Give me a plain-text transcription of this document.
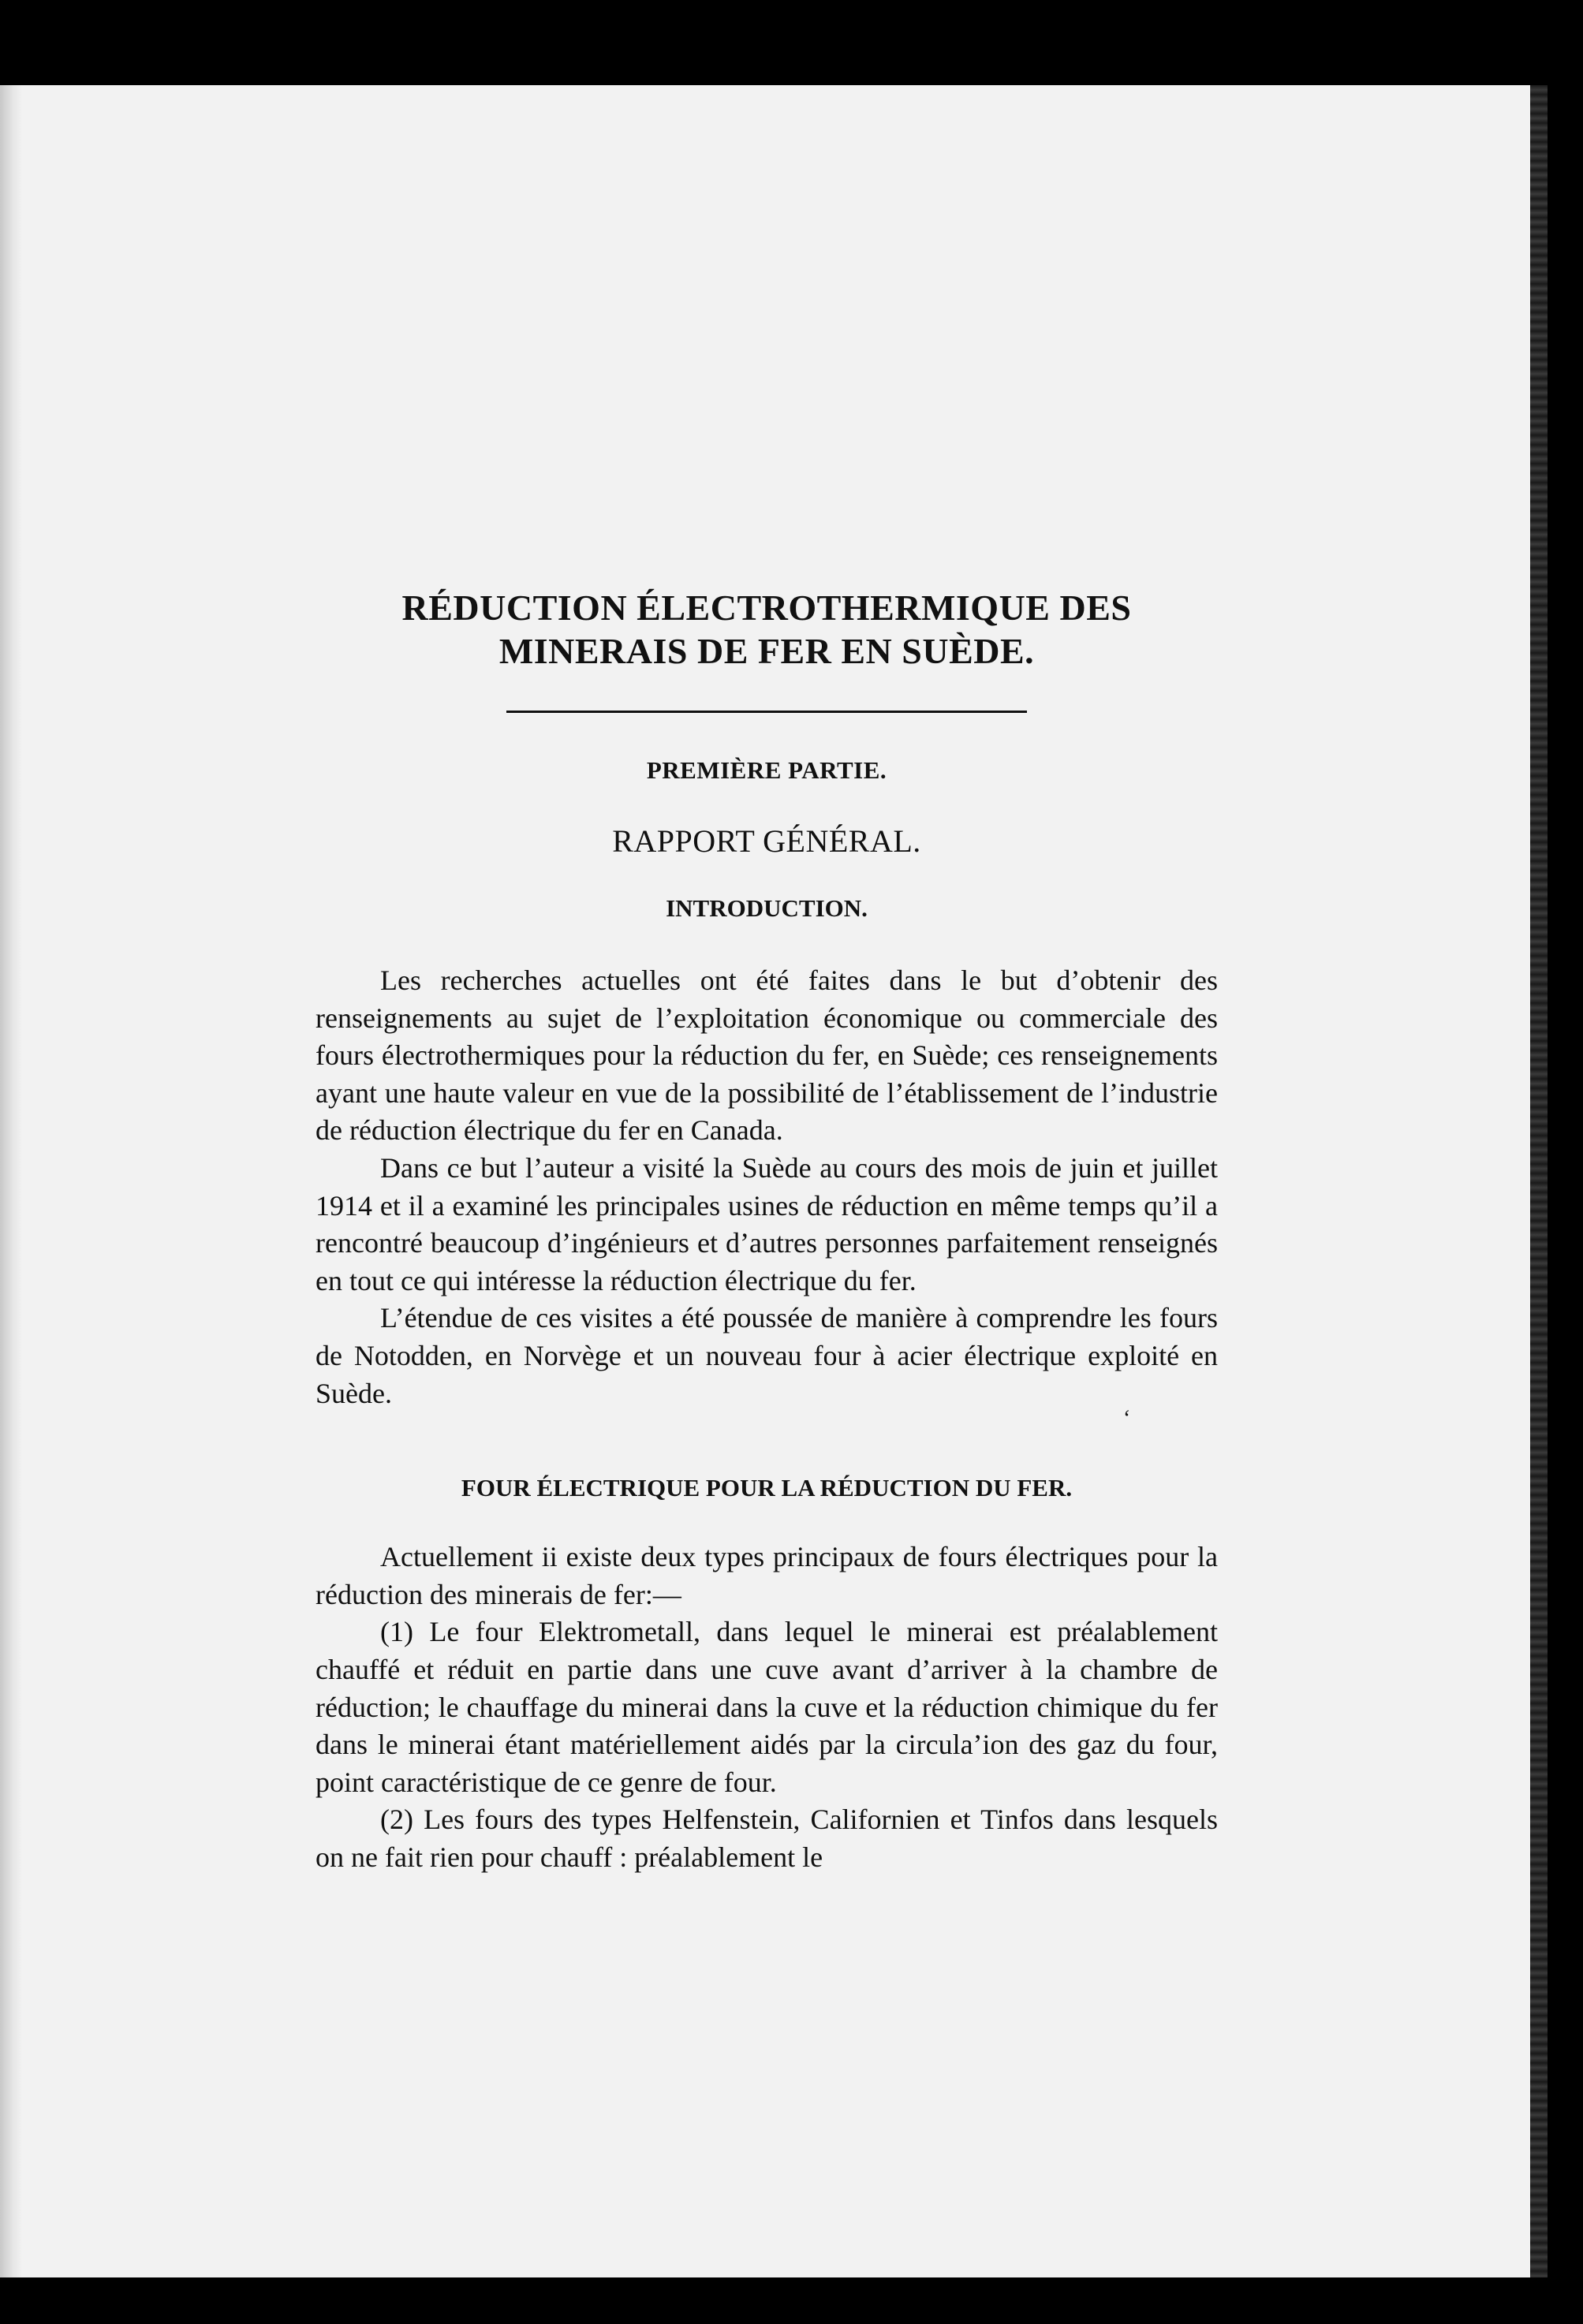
RÉDUCTION ÉLECTROTHERMIQUE DES
MINERAIS DE FER EN SUÈDE.
PREMIÈRE PARTIE.
RAPPORT GÉNÉRAL.
INTRODUCTION.

Les recherches actuelles ont été faites dans le but d’obtenir des renseignements au sujet de l’exploitation économique ou commerciale des fours électrothermiques pour la réduction du fer, en Suède; ces renseignements ayant une haute valeur en vue de la possibilité de l’établissement de l’industrie de réduction électrique du fer en Canada.

Dans ce but l’auteur a visité la Suède au cours des mois de juin et juillet 1914 et il a examiné les principales usines de réduction en même temps qu’il a rencontré beaucoup d’ingénieurs et d’autres personnes parfaitement renseignés en tout ce qui intéresse la réduction électrique du fer.

L’étendue de ces visites a été poussée de manière à comprendre les fours de Notodden, en Norvège et un nouveau four à acier électrique exploité en Suède.

FOUR ÉLECTRIQUE POUR LA RÉDUCTION DU FER.

Actuellement ii existe deux types principaux de fours électriques pour la réduction des minerais de fer:—

(1) Le four Elektrometall, dans lequel le minerai est préalablement chauffé et réduit en partie dans une cuve avant d’arriver à la chambre de réduction; le chauffage du minerai dans la cuve et la réduction chimique du fer dans le minerai étant matériellement aidés par la circula’ion des gaz du four, point caractéristique de ce genre de four.

(2) Les fours des types Helfenstein, Californien et Tinfos dans lesquels on ne fait rien pour chauff : préalablement le

‘
